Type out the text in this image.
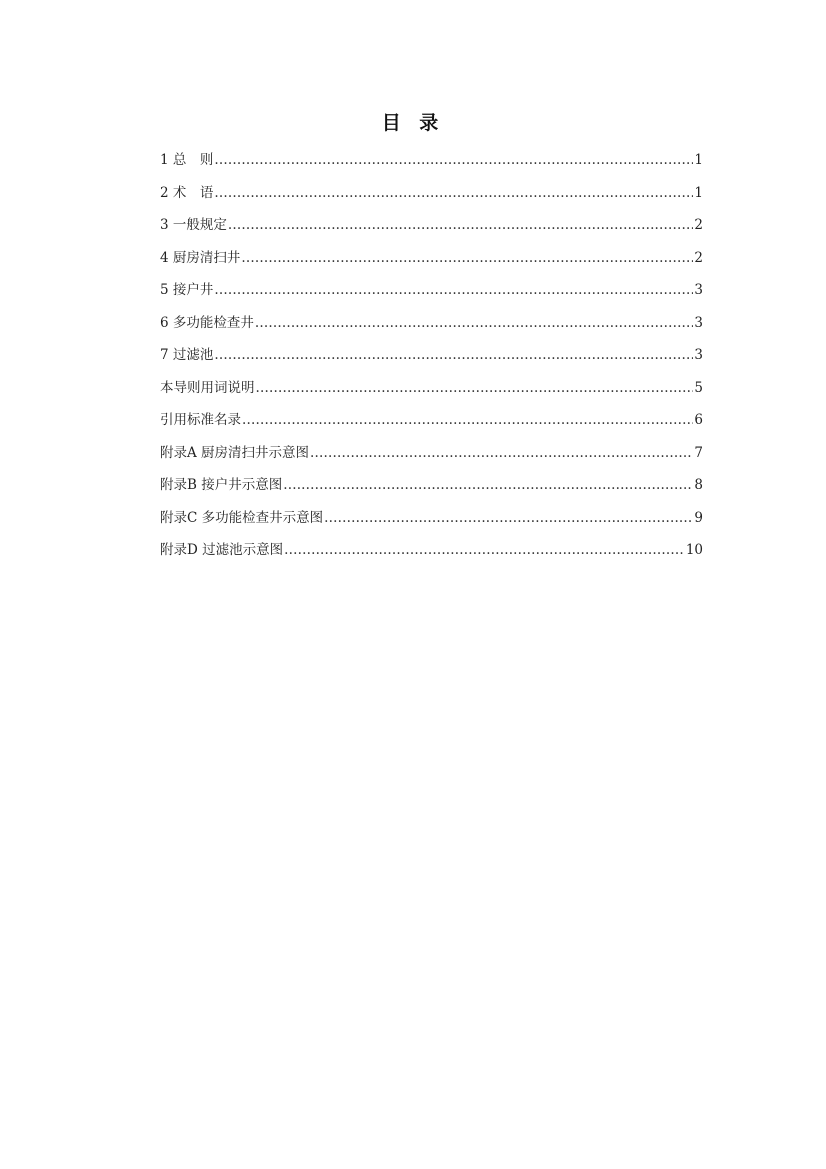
目 录
1 总　则 .....	1
2 术　语 .....	1
3 一般规定 .....	2
4 厨房清扫井 .....	2
5 接户井 .....	3
6 多功能检查井 .....	3
7 过滤池 .....	3
本导则用词说明 .....	5
引用标准名录 .....	6
附录A 厨房清扫井示意图 .....	7
附录B 接户井示意图 .....	8
附录C 多功能检查井示意图 .....	9
附录D 过滤池示意图 .....	10
